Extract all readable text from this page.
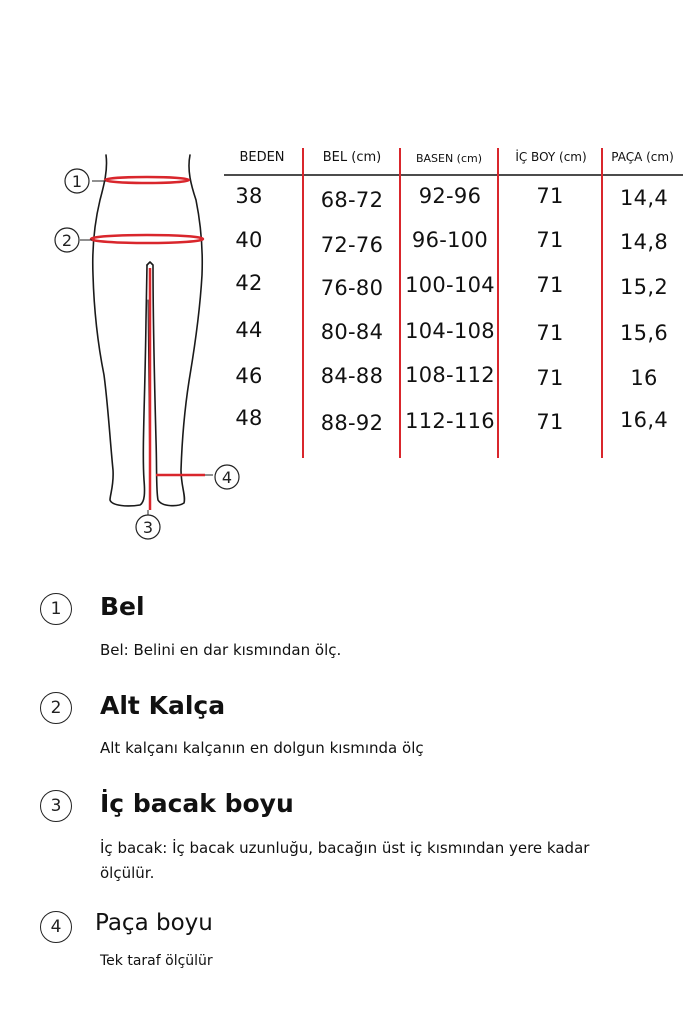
1
2
3
4
BEDEN	BEL (cm)	BASEN (cm)	İÇ BOY (cm)	PAÇA (cm)
38	68-72	92-96	71	14,4
40	72-76	96-100	71	14,8
42	76-80	100-104	71	15,2
44	80-84	104-108	71	15,6
46	84-88	108-112	71	16
48	88-92	112-116	71	16,4
1	Bel
Bel: Belini en dar kısmından ölç.
2	Alt Kalça
Alt kalçanı kalçanın en dolgun kısmında ölç
3	İç bacak boyu
İç bacak: İç bacak uzunluğu, bacağın üst iç kısmından yere kadar ölçülür.
4	Paça boyu
Tek taraf ölçülür
